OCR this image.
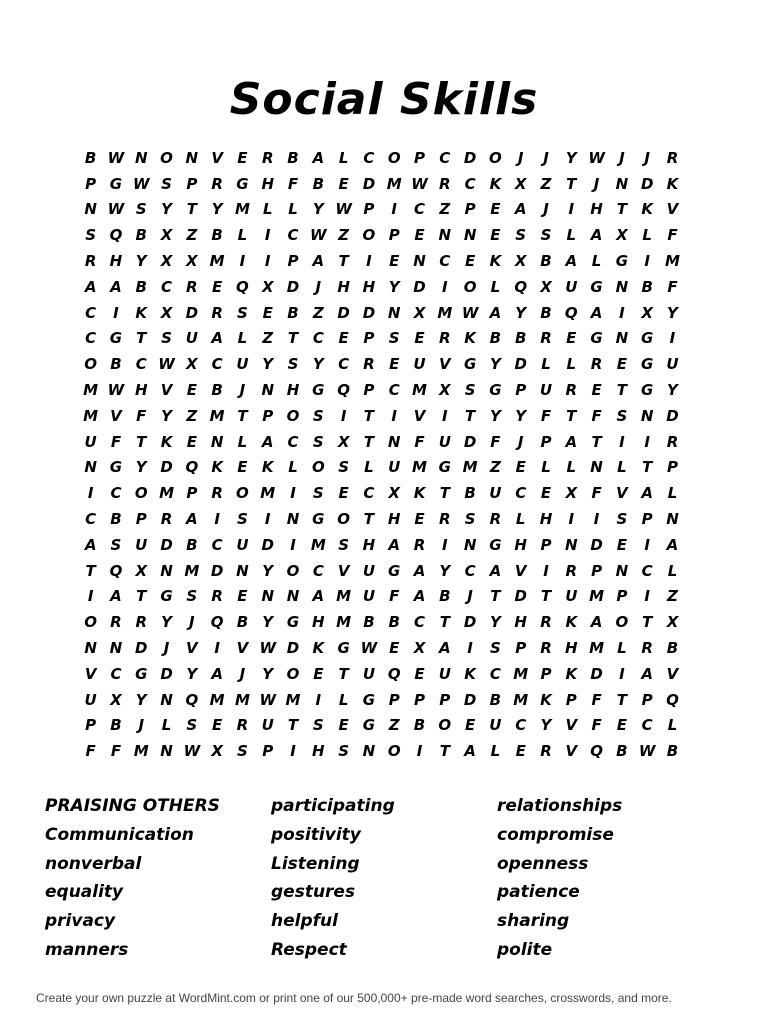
Social Skills
B W N O N V E R B A L	C O P C D O	J	J	Y W J	J	R
P G W S P R G H F B E D M W R C K X Z T	J	N D K
N W S Y T Y M L	L	Y W P	I	C Z P E A	J	I	H T K V
S Q B X Z B L	I	C W Z O P E N N E S S	L A X L	F
R H Y X X M	I	I	P A T	I	E N C E K X B A L G	I	M
A A B C R E Q X D	J	H H Y D	I	O L Q X U G N B F
C	I	K X D R S E B Z D D N X M W A Y B Q A	I	X Y
C G T S U A L	Z T C E P S E R K B B R E G N G	I
O B C W X C U Y S Y C R E U V G Y D L	L R E G U
M W H V E B	J	N H G Q P C M X S G P U R E	T G Y
M V F Y Z M T P O S	I	T	I	V	I	T Y Y F	T	F S N D
U F	T K E N L A C S X T N F U D F	J	P A T	I	I	R
N G Y D Q K E K L O S	L U M G M Z E	L	L N L	T P
I	C O M P R O M	I	S E C X K T B U C E X F V A L
C B P R A	I	S	I	N G O T H E R S R L H	I	I	S P N
A S U D B C U D	I	M S H A R	I	N G H P N D E	I	A
T Q X N M D N Y O C V U G A Y C A V	I	R P N C	L
I	A T G S R E N N A M U F A B	J	T D T U M P	I	Z
O R R Y	J	Q B Y G H M B B C T D Y H R K A O T X
N N D	J	V	I	V W D K G W E X A	I	S P R H M L R B
V C G D Y A	J	Y O E	T U Q E U K C M P K D	I	A V
U X Y N Q M M W M	I	L G P P P D B M K P F	T P Q
P B	J	L	S E R U T S E G Z B O E U C Y V F	E C	L
F	F M N W X S P	I	H S N O	I	T A L	E R V Q B W B
PRAISING OTHERS
Communication
nonverbal
equality
privacy
manners
participating
positivity
Listening
gestures
helpful
Respect
relationships
compromise
openness
patience
sharing
polite
Create your own puzzle at WordMint.com or print one of our 500,000+ pre-made word searches, crosswords, and more.
